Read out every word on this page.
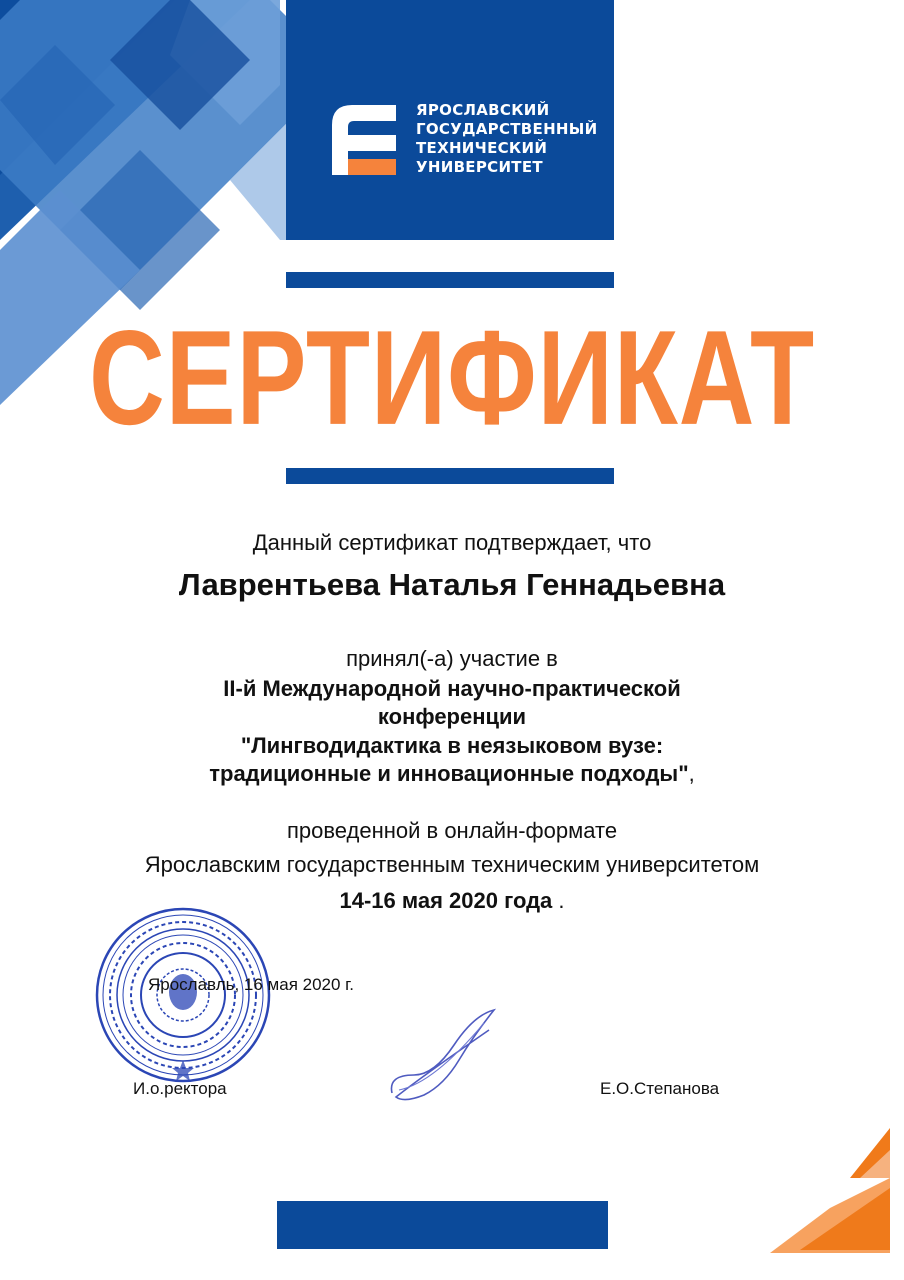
ЯРОСЛАВСКИЙ
ГОСУДАРСТВЕННЫЙ
ТЕХНИЧЕСКИЙ
УНИВЕРСИТЕТ
СЕРТИФИКАТ
Данный сертификат подтверждает, что
Лаврентьева Наталья Геннадьевна
принял(-а) участие в
II-й Международной научно-практической
конференции
"Лингводидактика в неязыковом вузе:
традиционные и инновационные подходы",
проведенной в онлайн-формате
Ярославским государственным техническим университетом
14-16 мая 2020 года .
Ярославль, 16 мая 2020 г.
И.о.ректора	Е.О.Степанова
